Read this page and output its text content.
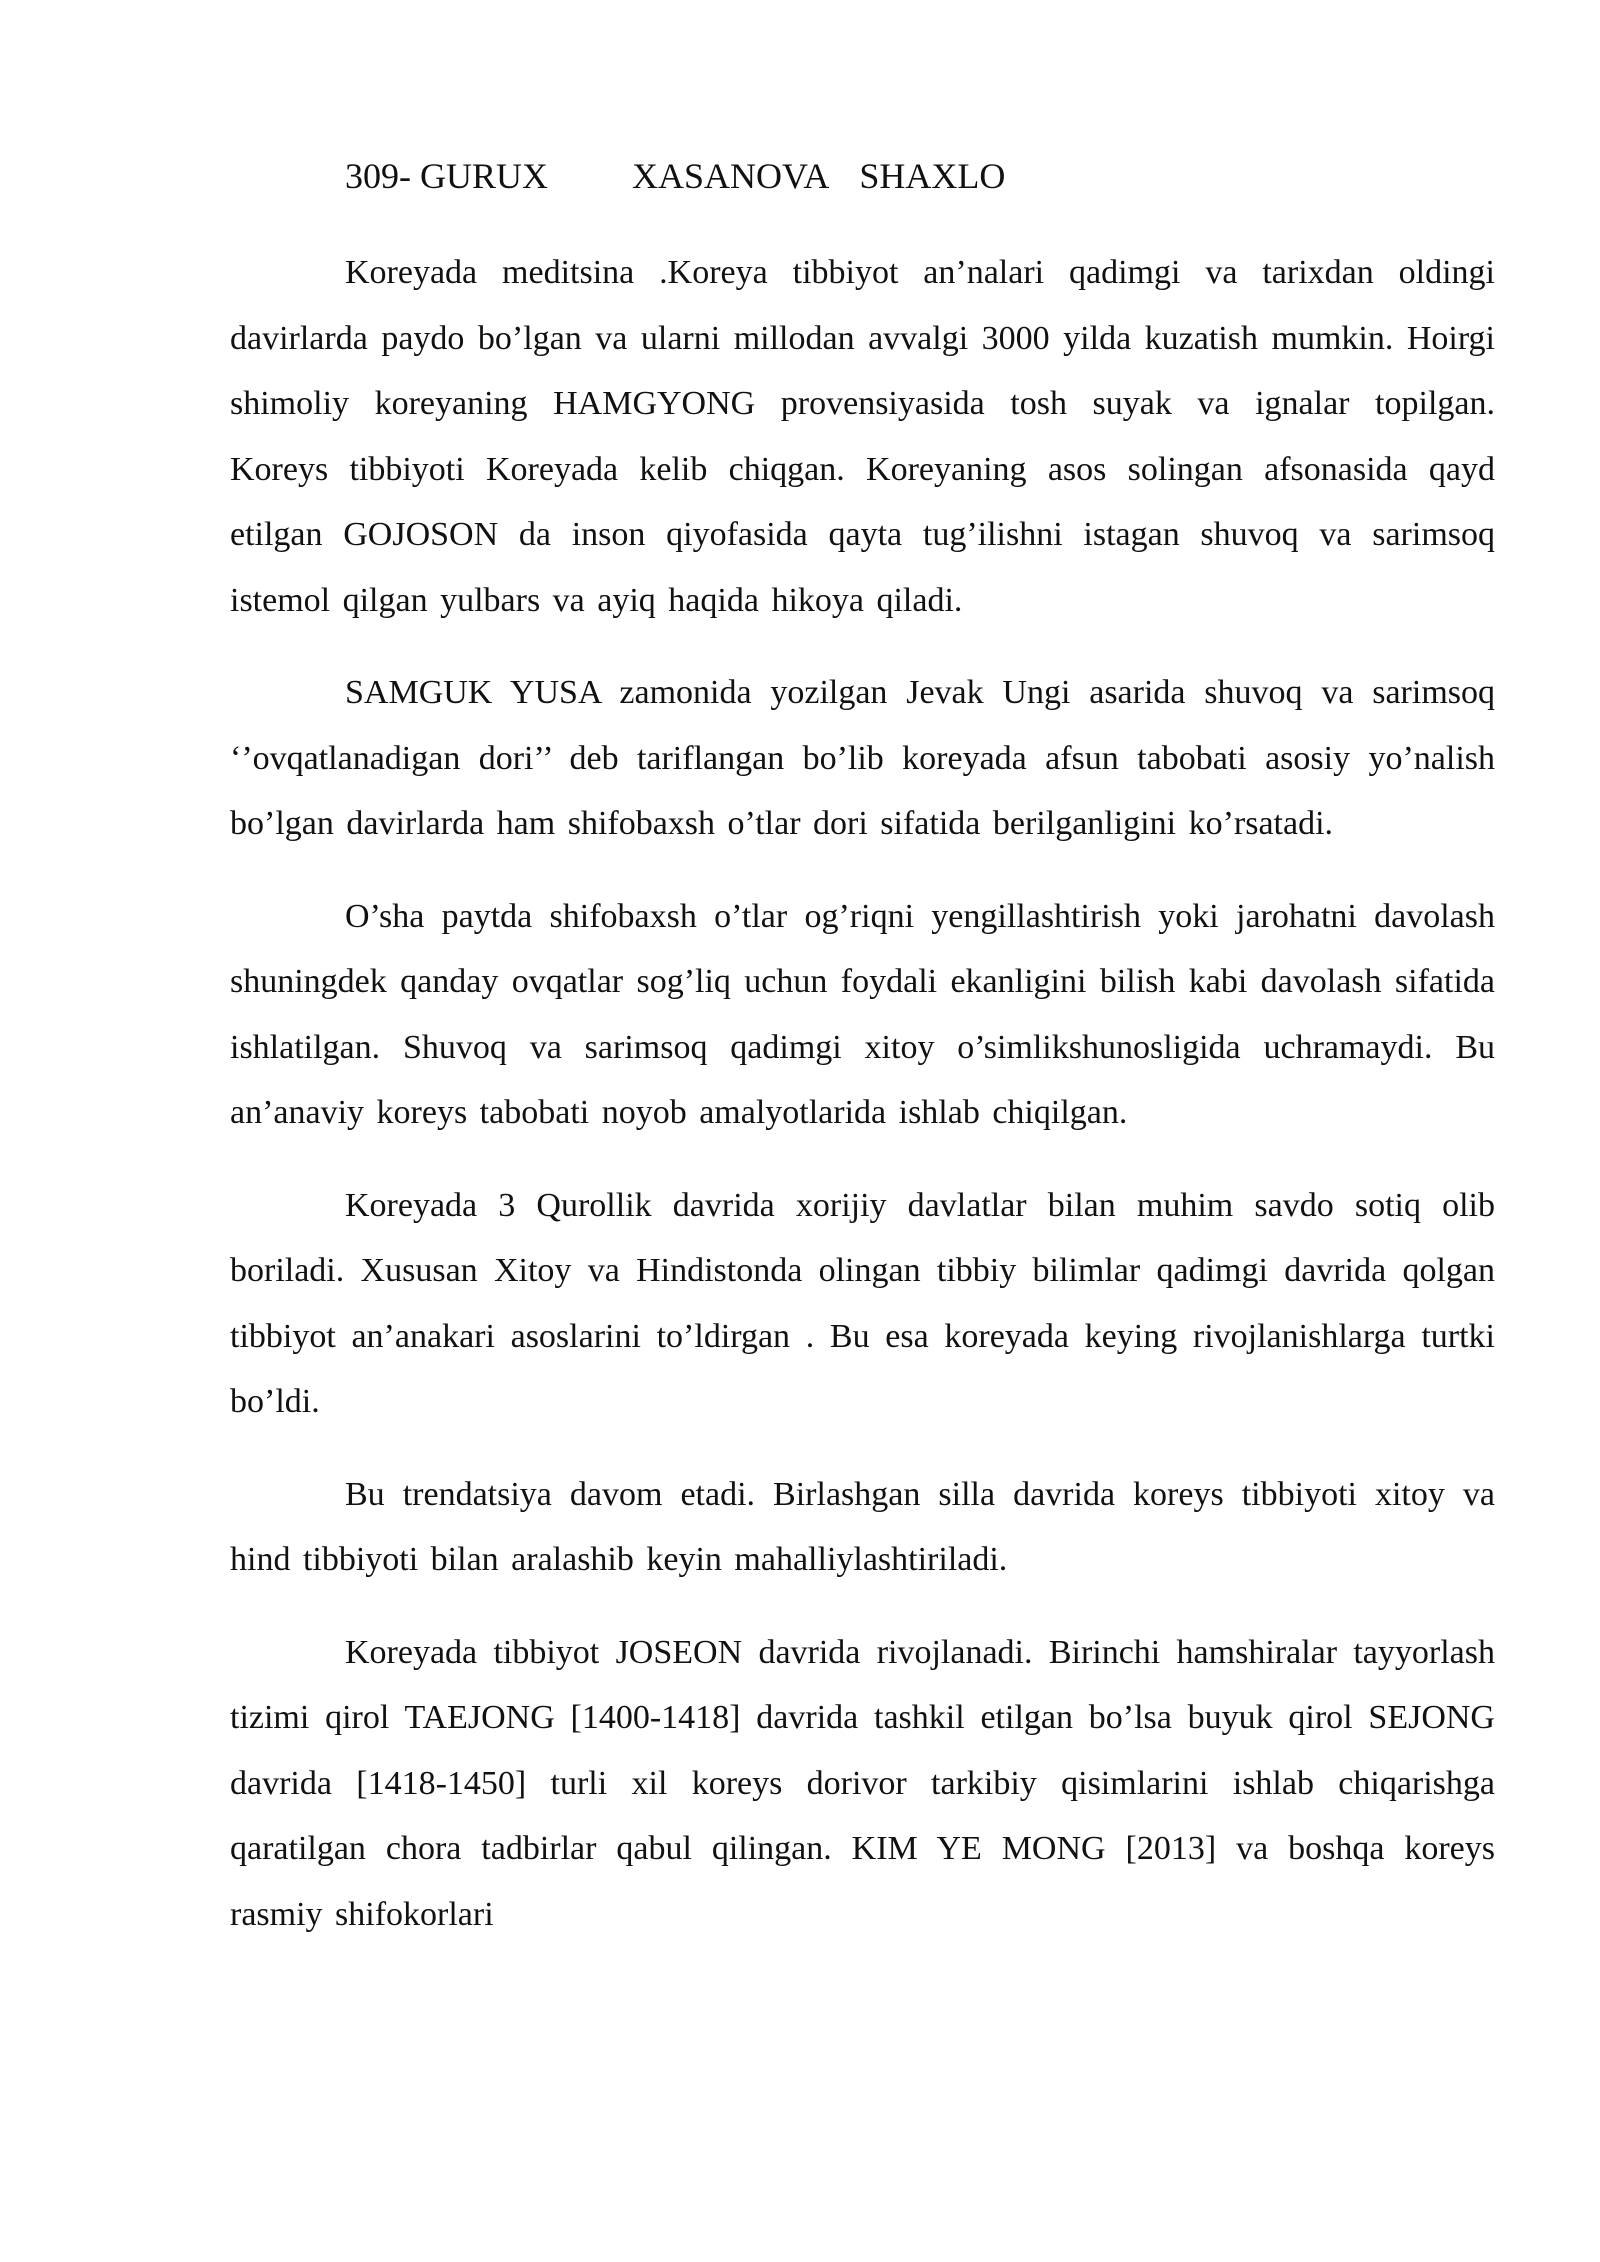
309- GURUX XASANOVA SHAXLO

Koreyada meditsina .Koreya tibbiyot an’nalari qadimgi va tarixdan oldingi davirlarda paydo bo’lgan va ularni millodan avvalgi 3000 yilda kuzatish mumkin. Hoirgi shimoliy koreyaning HAMGYONG provensiyasida tosh suyak va ignalar topilgan. Koreys tibbiyoti Koreyada kelib chiqgan. Koreyaning asos solingan afsonasida qayd etilgan GOJOSON da inson qiyofasida qayta tug’ilishni istagan shuvoq va sarimsoq istemol qilgan yulbars va ayiq haqida hikoya qiladi.

SAMGUK YUSA zamonida yozilgan Jevak Ungi asarida shuvoq va sarimsoq ‘’ovqatlanadigan dori’’ deb tariflangan bo’lib koreyada afsun tabobati asosiy yo’nalish bo’lgan davirlarda ham shifobaxsh o’tlar dori sifatida berilganligini ko’rsatadi.

O’sha paytda shifobaxsh o’tlar og’riqni yengillashtirish yoki jarohatni davolash shuningdek qanday ovqatlar sog’liq uchun foydali ekanligini bilish kabi davolash sifatida ishlatilgan. Shuvoq va sarimsoq qadimgi xitoy o’simlikshunosligida uchramaydi. Bu an’anaviy koreys tabobati noyob amalyotlarida ishlab chiqilgan.

Koreyada 3 Qurollik davrida xorijiy davlatlar bilan muhim savdo sotiq olib boriladi. Xususan Xitoy va Hindistonda olingan tibbiy bilimlar qadimgi davrida qolgan tibbiyot an’anakari asoslarini to’ldirgan . Bu esa koreyada keying rivojlanishlarga turtki bo’ldi.

Bu trendatsiya davom etadi. Birlashgan silla davrida koreys tibbiyoti xitoy va hind tibbiyoti bilan aralashib keyin mahalliylashtiriladi.

Koreyada tibbiyot JOSEON davrida rivojlanadi. Birinchi hamshiralar tayyorlash tizimi qirol TAEJONG [1400-1418] davrida tashkil etilgan bo’lsa buyuk qirol SEJONG davrida [1418-1450] turli xil koreys dorivor tarkibiy qisimlarini ishlab chiqarishga qaratilgan chora tadbirlar qabul qilingan. KIM YE MONG [2013] va boshqa koreys rasmiy shifokorlari
